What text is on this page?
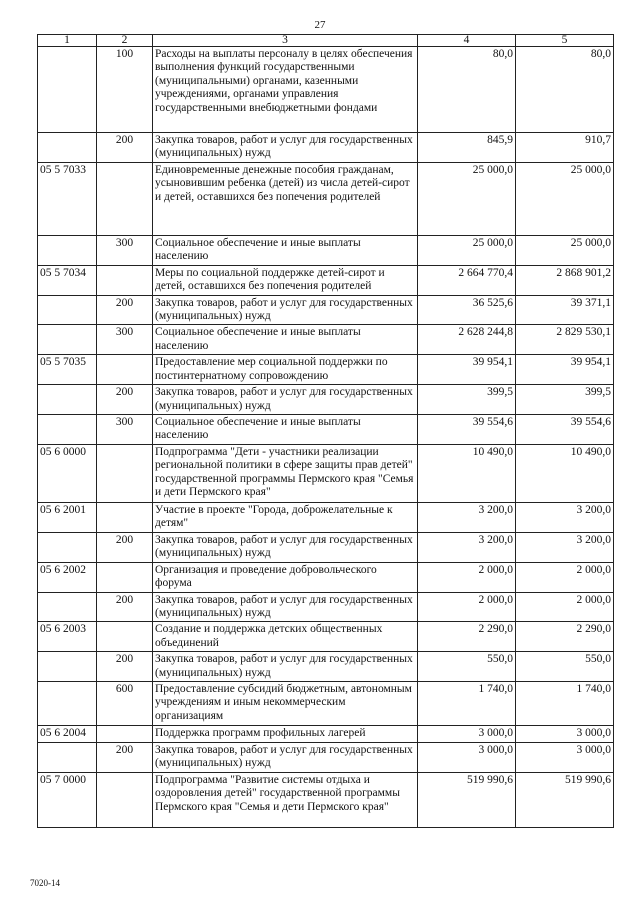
27
1	2	3	4	5
	100	Расходы на выплаты персоналу в целях обеспечения выполнения функций государственными (муниципальными) органами, казенными учреждениями, органами управления государственными внебюджетными фондами	80,0	80,0
	200	Закупка товаров, работ и услуг для государственных (муниципальных) нужд	845,9	910,7
05 5 7033		Единовременные денежные пособия гражданам, усыновившим ребенка (детей) из числа детей-сирот и детей, оставшихся без попечения родителей	25 000,0	25 000,0
	300	Социальное обеспечение и иные выплаты населению	25 000,0	25 000,0
05 5 7034		Меры по социальной поддержке детей-сирот и детей, оставшихся без попечения родителей	2 664 770,4	2 868 901,2
	200	Закупка товаров, работ и услуг для государственных (муниципальных) нужд	36 525,6	39 371,1
	300	Социальное обеспечение и иные выплаты населению	2 628 244,8	2 829 530,1
05 5 7035		Предоставление мер социальной поддержки по постинтернатному сопровождению	39 954,1	39 954,1
	200	Закупка товаров, работ и услуг для государственных (муниципальных) нужд	399,5	399,5
	300	Социальное обеспечение и иные выплаты населению	39 554,6	39 554,6
05 6 0000		Подпрограмма "Дети - участники реализации региональной политики в сфере защиты прав детей" государственной программы Пермского края "Семья и дети Пермского края"	10 490,0	10 490,0
05 6 2001		Участие в проекте "Города, доброжелательные к детям"	3 200,0	3 200,0
	200	Закупка товаров, работ и услуг для государственных (муниципальных) нужд	3 200,0	3 200,0
05 6 2002		Организация и проведение добровольческого форума	2 000,0	2 000,0
	200	Закупка товаров, работ и услуг для государственных (муниципальных) нужд	2 000,0	2 000,0
05 6 2003		Создание и поддержка детских общественных объединений	2 290,0	2 290,0
	200	Закупка товаров, работ и услуг для государственных (муниципальных) нужд	550,0	550,0
	600	Предоставление субсидий бюджетным, автономным учреждениям и иным некоммерческим организациям	1 740,0	1 740,0
05 6 2004		Поддержка программ профильных лагерей	3 000,0	3 000,0
	200	Закупка товаров, работ и услуг для государственных (муниципальных) нужд	3 000,0	3 000,0
05 7 0000		Подпрограмма "Развитие системы отдыха и оздоровления детей" государственной программы Пермского края "Семья и дети Пермского края"	519 990,6	519 990,6
7020-14
